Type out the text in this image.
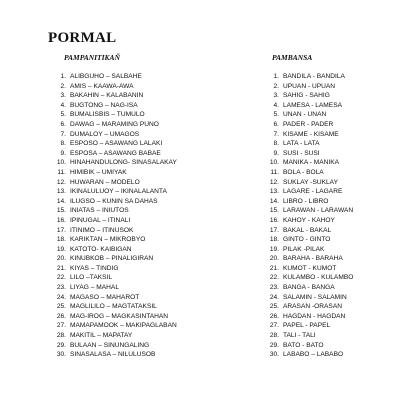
PORMAL
PAMPANITIKAÑ	PAMBANSA
1. ALIBGUHO – SALBAHE
2. AMIS – KAAWA-AWA
3. BAKAHIN – KALABANIN
4. BUGTONG – NAG-ISA
5. BUMALISBIS – TUMULO
6. DAWAG – MARAMING PUNO
7. DUMALOY – UMAGOS
8. ESPOSO – ASAWANG LALAKI
9. ESPOSA – ASAWANG BABAE
10. HINAHANDULONG- SINASALAKAY
11. HIMIBIK – UMIYAK
12. HUWARAN – MODELO
13. IKINALULUOY – IKINALALANTA
14. ILUGSO – KUNIN SA DAHAS
15. INIATAS – INIUTOS
16. IPINUGAL – ITINALI
17. ITINIMO – ITINUSOK
18. KARIKTAN – MIKROBYO
19. KATOTO- KAIBIGAN
20. KINUBKOB – PINALIGIRAN
21. KIYAS – TINDIG
22. LILO –TAKSIL
23. LIYAG – MAHAL
24. MAGASO – MAHAROT
25. MAGLILILO – MAGTATAKSIL
26. MAG-IROG – MAGKASINTAHAN
27. MAMAPAMOOK – MAKIPAGLABAN
28. MAKITIL – MAPATAY
29. BULAAN – SINUNGALING
30. SINASALASA – NILULUSOB
1. BANDILA - BANDILA
2. UPUAN - UPUAN
3. SAHIG - SAHIG
4. LAMESA - LAMESA
5. UNAN - UNAN
6. PADER - PADER
7. KISAME - KISAME
8. LATA - LATA
9. SUSI - SUSI
10. MANIKA - MANIKA
11. BOLA - BOLA
12. SUKLAY -SUKLAY
13. LAGARE - LAGARE
14. LIBRO - LIBRO
15. LARAWAN - LARAWAN
16. KAHOY - KAHOY
17. BAKAL - BAKAL
18. GINTO - GINTO
19. PILAK -PILAK
20. BARAHA - BARAHA
21. KUMOT - KUMOT
22. KULAMBO - KULAMBO
23. BANGA - BANGA
24. SALAMIN - SALAMIN
25. ARASAN -ORASAN
26. HAGDAN - HAGDAN
27. PAPEL - PAPEL
28. TALI - TALI
29. BATO - BATO
30. LABABO – LABABO
